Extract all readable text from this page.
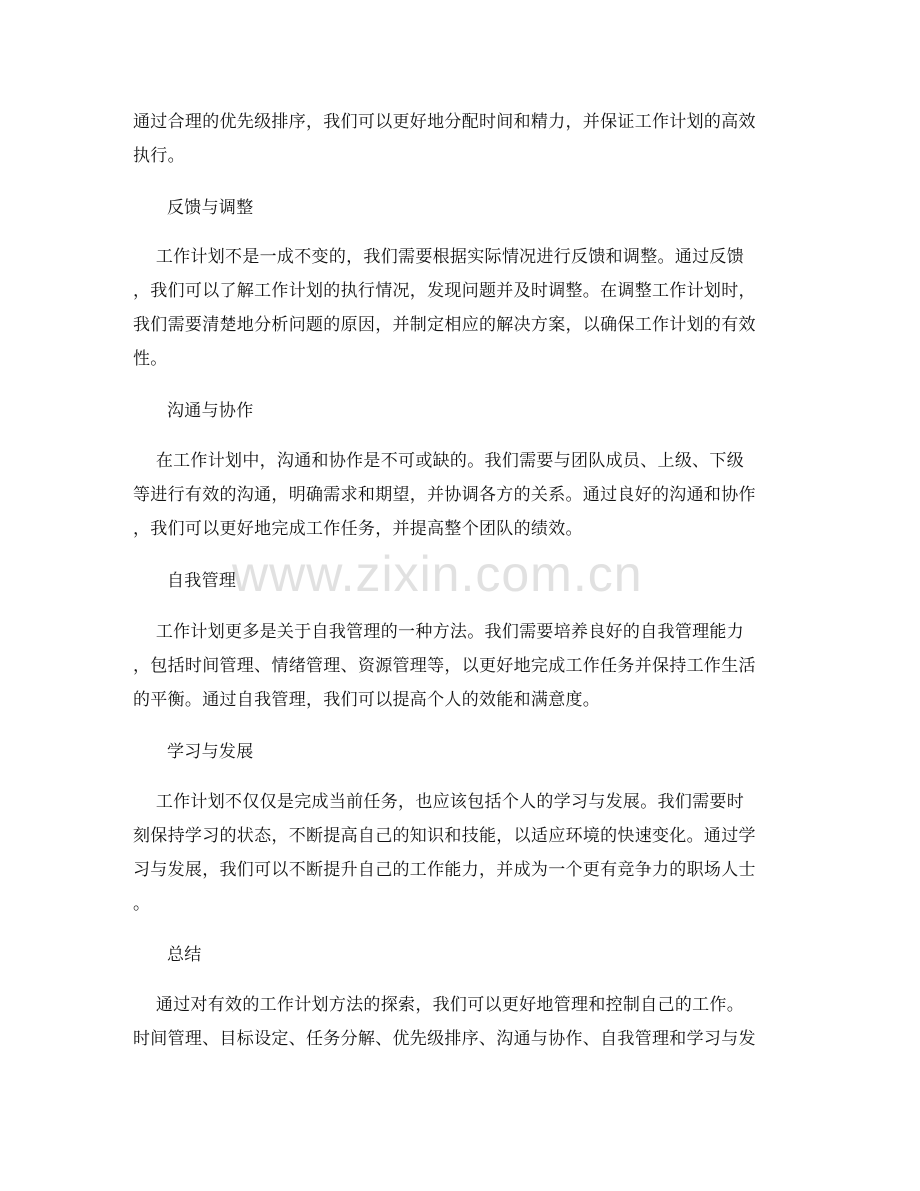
通过合理的优先级排序，我们可以更好地分配时间和精力，并保证工作计划的高效
执行。

反馈与调整

工作计划不是一成不变的，我们需要根据实际情况进行反馈和调整。通过反馈
，我们可以了解工作计划的执行情况，发现问题并及时调整。在调整工作计划时，
我们需要清楚地分析问题的原因，并制定相应的解决方案，以确保工作计划的有效
性。

沟通与协作

在工作计划中，沟通和协作是不可或缺的。我们需要与团队成员、上级、下级
等进行有效的沟通，明确需求和期望，并协调各方的关系。通过良好的沟通和协作
，我们可以更好地完成工作任务，并提高整个团队的绩效。

自我管理

工作计划更多是关于自我管理的一种方法。我们需要培养良好的自我管理能力
，包括时间管理、情绪管理、资源管理等，以更好地完成工作任务并保持工作生活
的平衡。通过自我管理，我们可以提高个人的效能和满意度。

学习与发展

工作计划不仅仅是完成当前任务，也应该包括个人的学习与发展。我们需要时
刻保持学习的状态，不断提高自己的知识和技能，以适应环境的快速变化。通过学
习与发展，我们可以不断提升自己的工作能力，并成为一个更有竞争力的职场人士
。

总结

通过对有效的工作计划方法的探索，我们可以更好地管理和控制自己的工作。
时间管理、目标设定、任务分解、优先级排序、沟通与协作、自我管理和学习与发

www.zixin.com.cn
